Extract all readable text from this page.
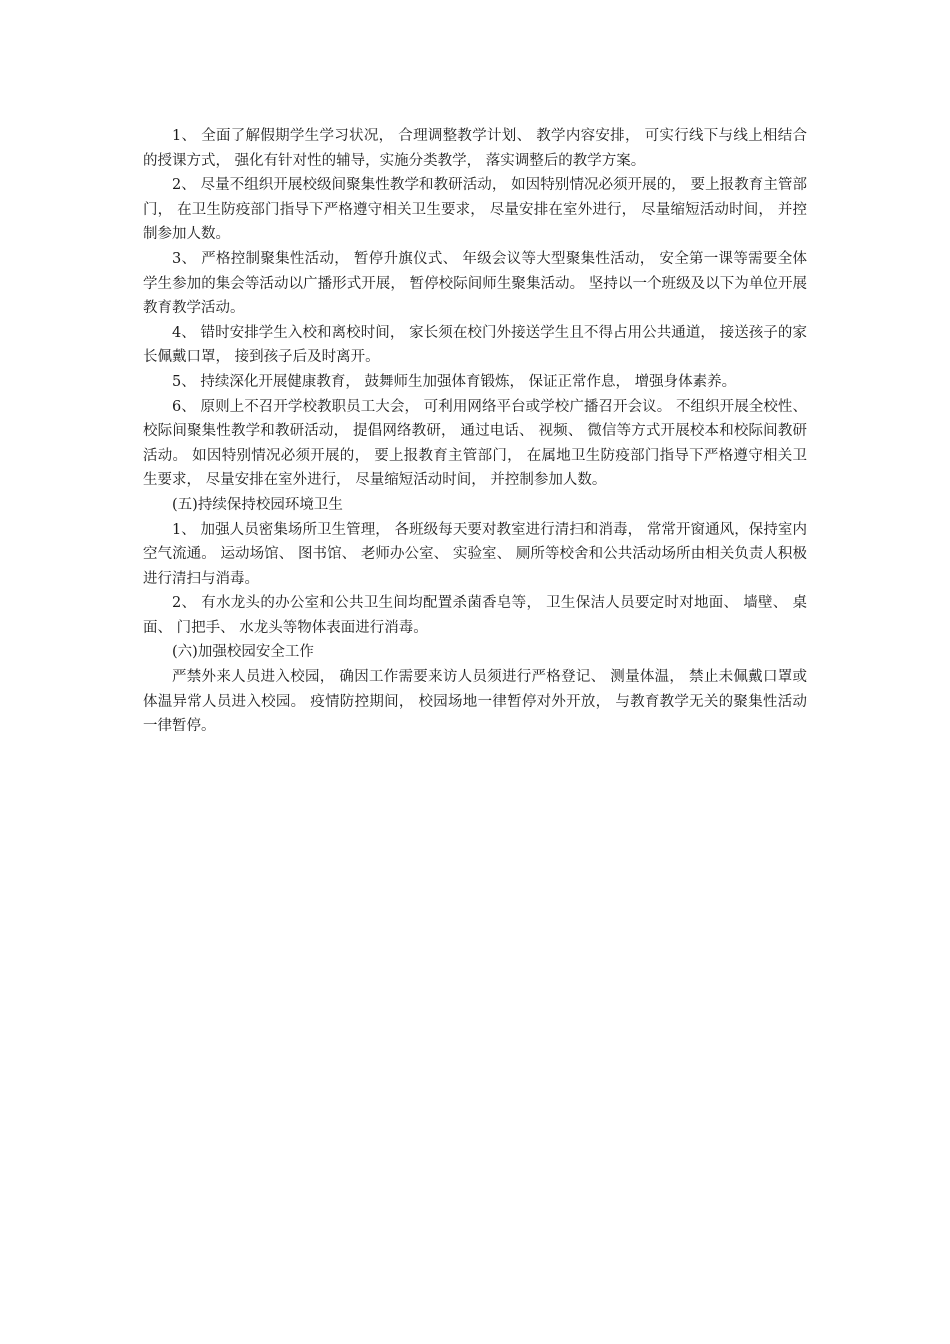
1、 全面了解假期学生学习状况， 合理调整教学计划、 教学内容安排， 可实行线下与线上相结合的授课方式， 强化有针对性的辅导，实施分类教学， 落实调整后的教学方案。

2、 尽量不组织开展校级间聚集性教学和教研活动， 如因特别情况必须开展的， 要上报教育主管部门， 在卫生防疫部门指导下严格遵守相关卫生要求， 尽量安排在室外进行， 尽量缩短活动时间， 并控制参加人数。

3、 严格控制聚集性活动， 暂停升旗仪式、 年级会议等大型聚集性活动， 安全第一课等需要全体学生参加的集会等活动以广播形式开展， 暂停校际间师生聚集活动。 坚持以一个班级及以下为单位开展教育教学活动。

4、 错时安排学生入校和离校时间， 家长须在校门外接送学生且不得占用公共通道， 接送孩子的家长佩戴口罩， 接到孩子后及时离开。

5、 持续深化开展健康教育， 鼓舞师生加强体育锻炼， 保证正常作息， 增强身体素养。

6、 原则上不召开学校教职员工大会， 可利用网络平台或学校广播召开会议。 不组织开展全校性、 校际间聚集性教学和教研活动， 提倡网络教研， 通过电话、 视频、 微信等方式开展校本和校际间教研活动。 如因特别情况必须开展的， 要上报教育主管部门， 在属地卫生防疫部门指导下严格遵守相关卫生要求， 尽量安排在室外进行， 尽量缩短活动时间， 并控制参加人数。

(五)持续保持校园环境卫生

1、 加强人员密集场所卫生管理， 各班级每天要对教室进行清扫和消毒， 常常开窗通风，保持室内空气流通。 运动场馆、 图书馆、 老师办公室、 实验室、 厕所等校舍和公共活动场所由相关负责人积极进行清扫与消毒。

2、 有水龙头的办公室和公共卫生间均配置杀菌香皂等， 卫生保洁人员要定时对地面、 墙壁、 桌面、 门把手、 水龙头等物体表面进行消毒。

(六)加强校园安全工作

严禁外来人员进入校园， 确因工作需要来访人员须进行严格登记、 测量体温， 禁止未佩戴口罩或体温异常人员进入校园。 疫情防控期间， 校园场地一律暂停对外开放， 与教育教学无关的聚集性活动一律暂停。
